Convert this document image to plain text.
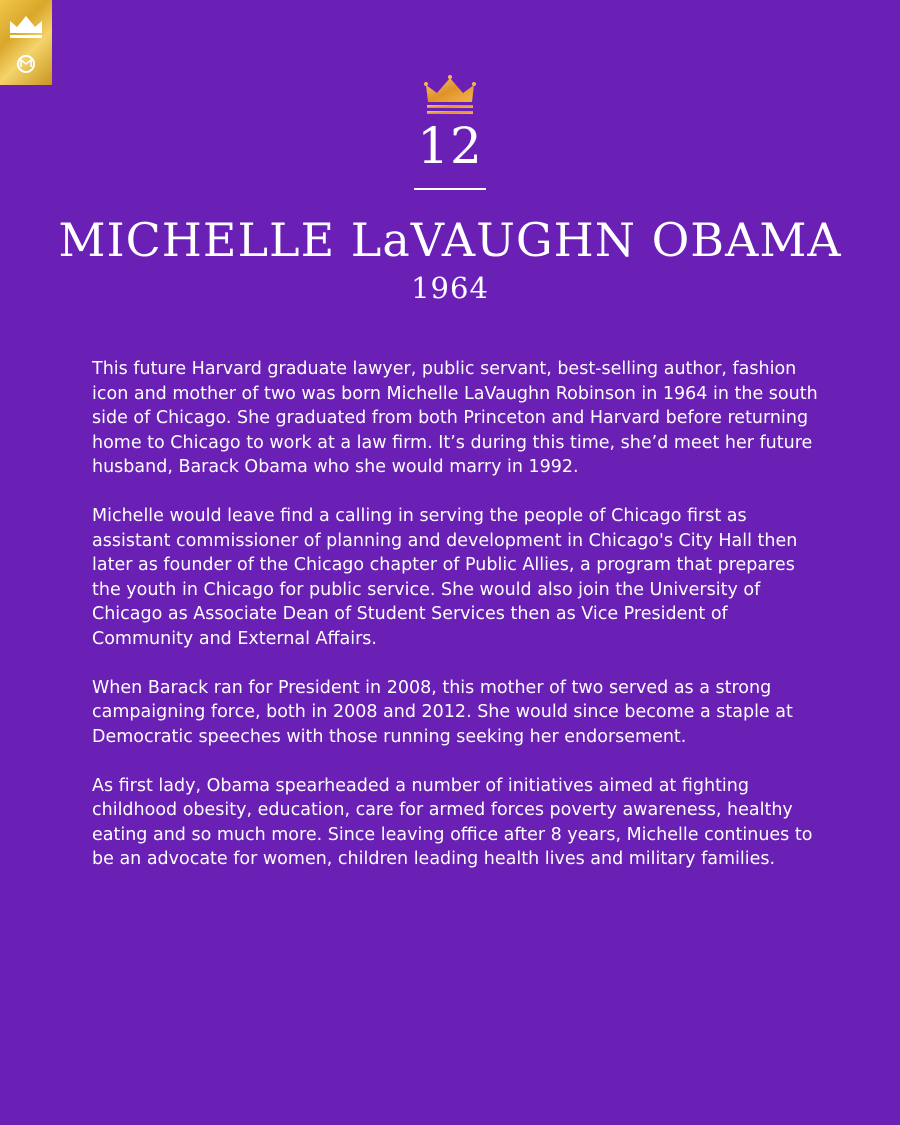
12
MICHELLE LaVAUGHN OBAMA
1964

This future Harvard graduate lawyer, public servant, best-selling author, fashion icon and mother of two was born Michelle LaVaughn Robinson in 1964 in the south side of Chicago. She graduated from both Princeton and Harvard before returning home to Chicago to work at a law firm. It’s during this time, she’d meet her future husband, Barack Obama who she would marry in 1992.

Michelle would leave find a calling in serving the people of Chicago first as assistant commissioner of planning and development in Chicago's City Hall then later as founder of the Chicago chapter of Public Allies, a program that prepares the youth in Chicago for public service. She would also join the University of Chicago as Associate Dean of Student Services then as Vice President of Community and External Affairs.

When Barack ran for President in 2008, this mother of two served as a strong campaigning force, both in 2008 and 2012. She would since become a staple at Democratic speeches with those running seeking her endorsement.

As first lady, Obama spearheaded a number of initiatives aimed at fighting childhood obesity, education, care for armed forces poverty awareness, healthy eating and so much more. Since leaving office after 8 years, Michelle continues to be an advocate for women, children leading health lives and military families.
